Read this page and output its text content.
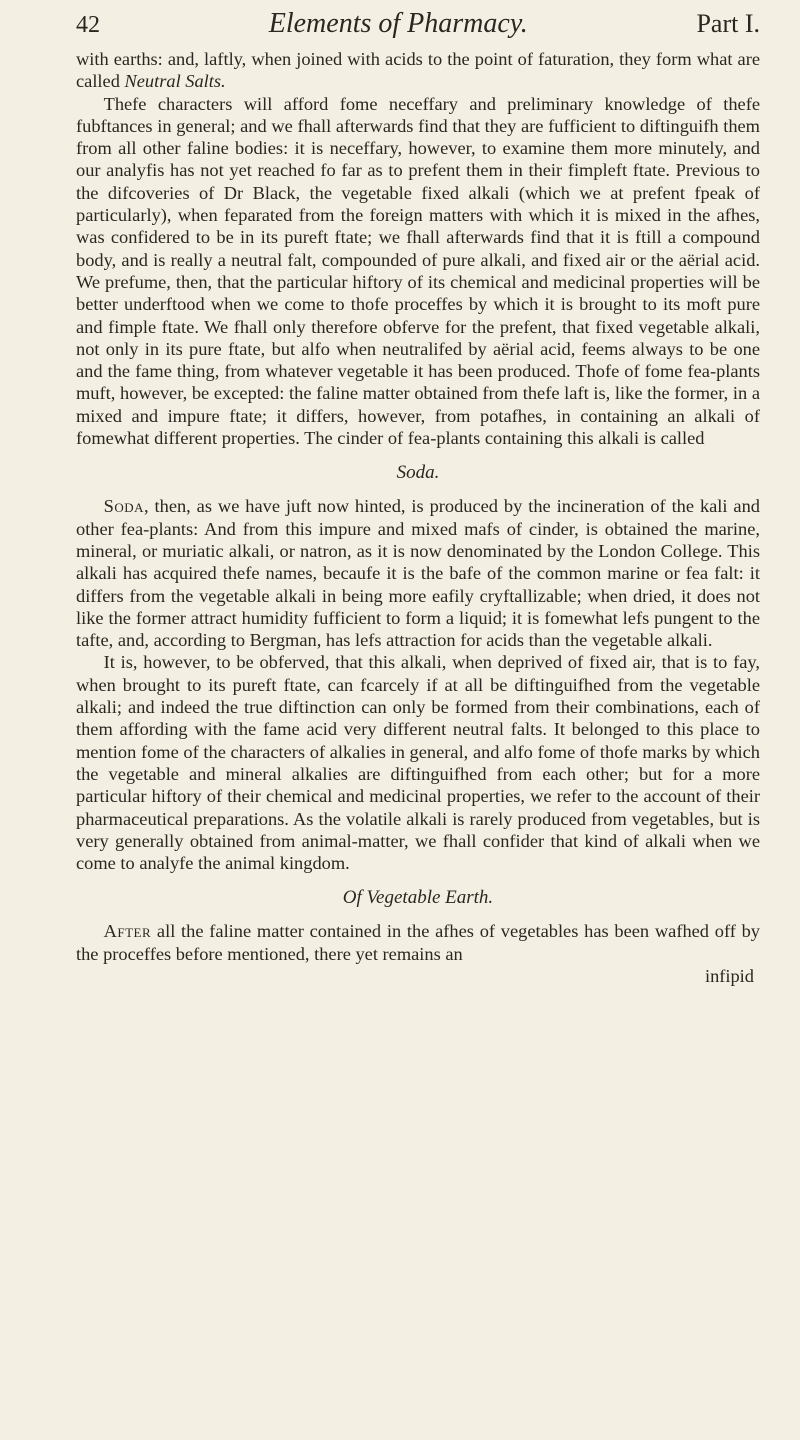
42	Elements of Pharmacy.	Part I.

with earths: and, laftly, when joined with acids to the point of faturation, they form what are called Neutral Salts.

Thefe characters will afford fome neceffary and preliminary knowledge of thefe fubftances in general; and we fhall afterwards find that they are fufficient to diftinguifh them from all other faline bodies: it is neceffary, however, to examine them more minutely, and our analyfis has not yet reached fo far as to prefent them in their fimpleft ftate. Previous to the difcoveries of Dr Black, the vegetable fixed alkali (which we at prefent fpeak of particularly), when feparated from the foreign matters with which it is mixed in the afhes, was confidered to be in its pureft ftate; we fhall afterwards find that it is ftill a compound body, and is really a neutral falt, compounded of pure alkali, and fixed air or the aërial acid. We prefume, then, that the particular hiftory of its chemical and medicinal properties will be better underftood when we come to thofe proceffes by which it is brought to its moft pure and fimple ftate. We fhall only therefore obferve for the prefent, that fixed vegetable alkali, not only in its pure ftate, but alfo when neutralifed by aërial acid, feems always to be one and the fame thing, from whatever vegetable it has been produced. Thofe of fome fea-plants muft, however, be excepted: the faline matter obtained from thefe laft is, like the former, in a mixed and impure ftate; it differs, however, from potafhes, in containing an alkali of fomewhat different properties. The cinder of fea-plants containing this alkali is called

Soda.

Soda, then, as we have juft now hinted, is produced by the incineration of the kali and other fea-plants: And from this impure and mixed mafs of cinder, is obtained the marine, mineral, or muriatic alkali, or natron, as it is now denominated by the London College. This alkali has acquired thefe names, becaufe it is the bafe of the common marine or fea falt: it differs from the vegetable alkali in being more eafily cryftallizable; when dried, it does not like the former attract humidity fufficient to form a liquid; it is fomewhat lefs pungent to the tafte, and, according to Bergman, has lefs attraction for acids than the vegetable alkali.

It is, however, to be obferved, that this alkali, when deprived of fixed air, that is to fay, when brought to its pureft ftate, can fcarcely if at all be diftinguifhed from the vegetable alkali; and indeed the true diftinction can only be formed from their combinations, each of them affording with the fame acid very different neutral falts. It belonged to this place to mention fome of the characters of alkalies in general, and alfo fome of thofe marks by which the vegetable and mineral alkalies are diftinguifhed from each other; but for a more particular hiftory of their chemical and medicinal properties, we refer to the account of their pharmaceutical preparations. As the volatile alkali is rarely produced from vegetables, but is very generally obtained from animal-matter, we fhall confider that kind of alkali when we come to analyfe the animal kingdom.

Of Vegetable Earth.

After all the faline matter contained in the afhes of vegetables has been wafhed off by the proceffes before mentioned, there yet remains an

infipid
